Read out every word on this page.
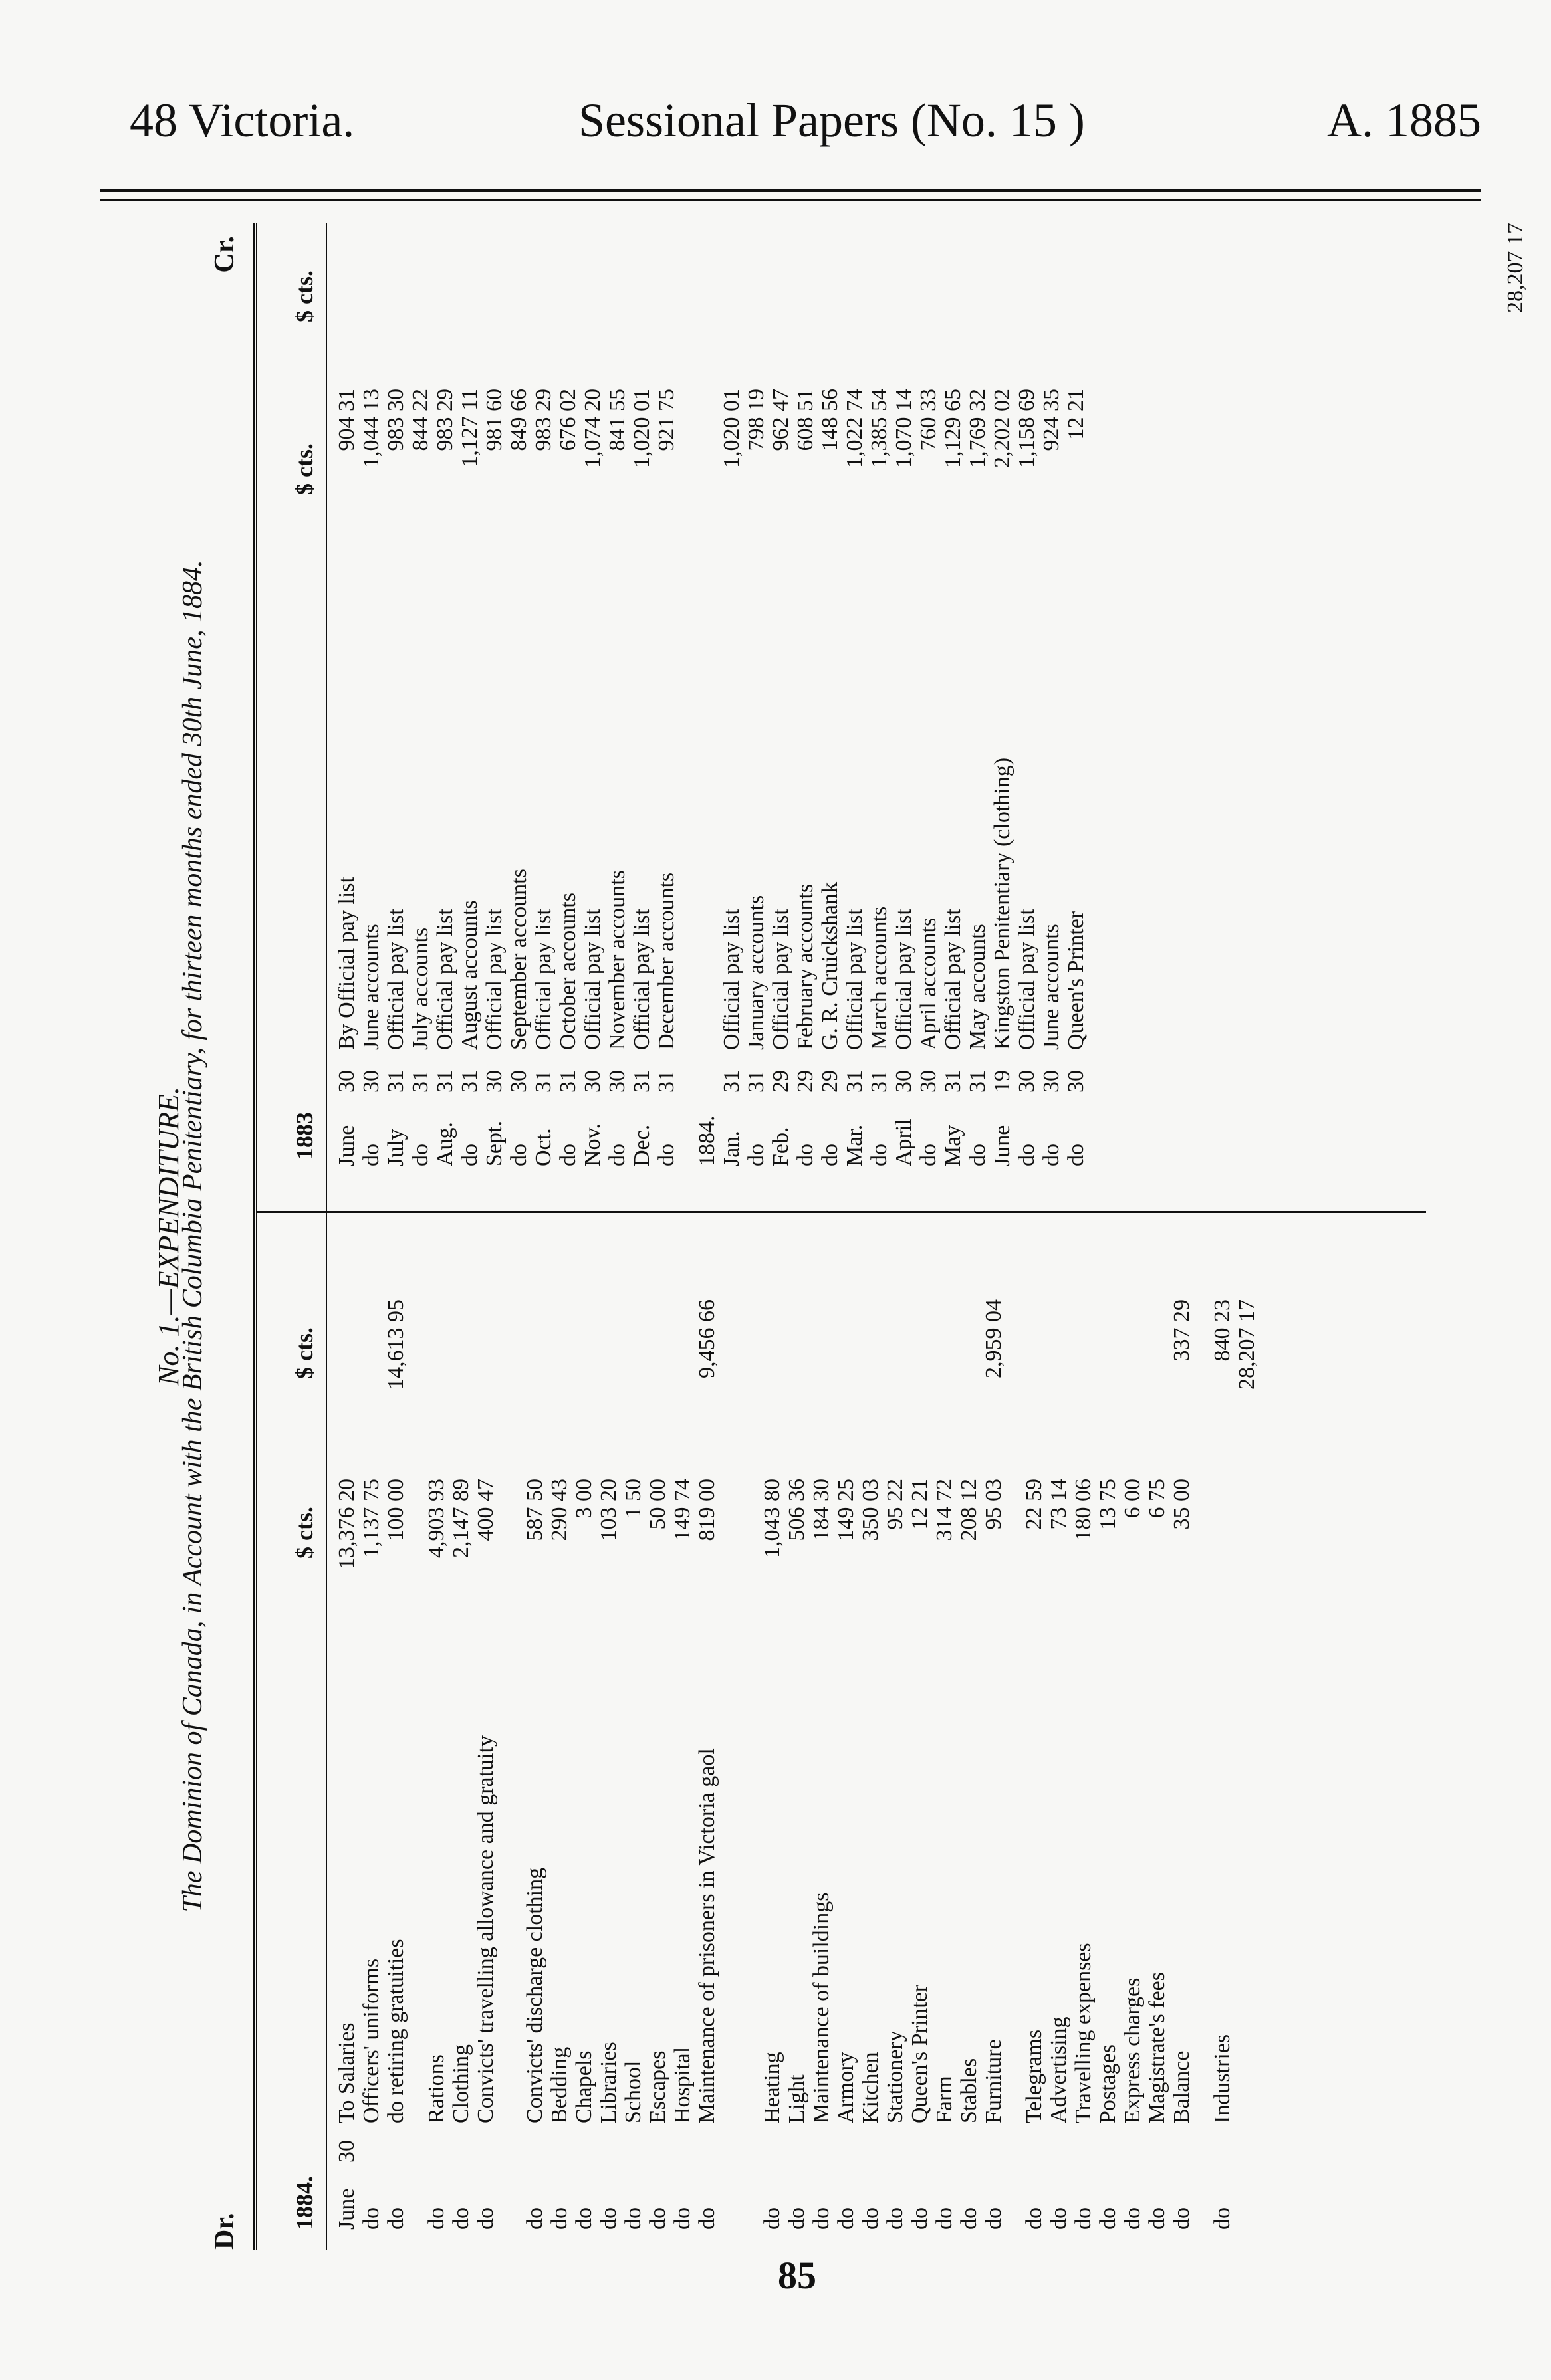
48 Victoria.	Sessional Papers (No. 15 )	A. 1885
No. 1.—EXPENDITURE.
The Dominion of Canada, in Account with the British Columbia Penitentiary, for thirteen months ended 30th June, 1884.
Dr.
Cr.
1884.
$ cts.
$ cts.
1883
$ cts.
$ cts.
June
30
To Salaries
13,376 20
do
Officers' uniforms
1,137 75
do
do retiring gratuities
100 00
14,613 95
do
Rations
4,903 93
do
Clothing
2,147 89
do
Convicts' travelling allowance and gratuity
400 47
do
Convicts' discharge clothing
587 50
do
Bedding
290 43
do
Chapels
3 00
do
Libraries
103 20
do
School
1 50
do
Escapes
50 00
do
Hospital
149 74
do
Maintenance of prisoners in Victoria gaol
819 00
9,456 66
do
Heating
1,043 80
do
Light
506 36
do
Maintenance of buildings
184 30
do
Armory
149 25
do
Kitchen
350 03
do
Stationery
95 22
do
Queen's Printer
12 21
do
Farm
314 72
do
Stables
208 12
do
Furniture
95 03
2,959 04
do
Telegrams
22 59
do
Advertising
73 14
do
Travelling expenses
180 06
do
Postages
13 75
do
Express charges
6 00
do
Magistrate's fees
6 75
do
Balance
35 00
337 29
do
Industries
840 23 28,207 17
June
30
By Official pay list
904 31
do
30
June accounts
1,044 13
July
31
Official pay list
983 30
do
31
July accounts
844 22
Aug.
31
Official pay list
983 29
do
31
August accounts
1,127 11
Sept.
30
Official pay list
981 60
do
30
September accounts
849 66
Oct.
31
Official pay list
983 29
do
31
October accounts
676 02
Nov.
30
Official pay list
1,074 20
do
30
November accounts
841 55
Dec.
31
Official pay list
1,020 01
do
31
December accounts
921 75
1884. Jan.
31
Official pay list
1,020 01
do
31
January accounts
798 19
Feb.
29
Official pay list
962 47
do
29
February accounts
608 51
do
29
G. R. Cruickshank
148 56
Mar.
31
Official pay list
1,022 74
do
31
March accounts
1,385 54
April
30
Official pay list
1,070 14
do
30
April accounts
760 33
May
31
Official pay list
1,129 65
do
31
May accounts
1,769 32
June
19
Kingston Penitentiary (clothing)
2,202 02
do
30
Official pay list
1,158 69
do
30
June accounts
924 35
do
30
Queen's Printer
12 21
28,207 17
85
